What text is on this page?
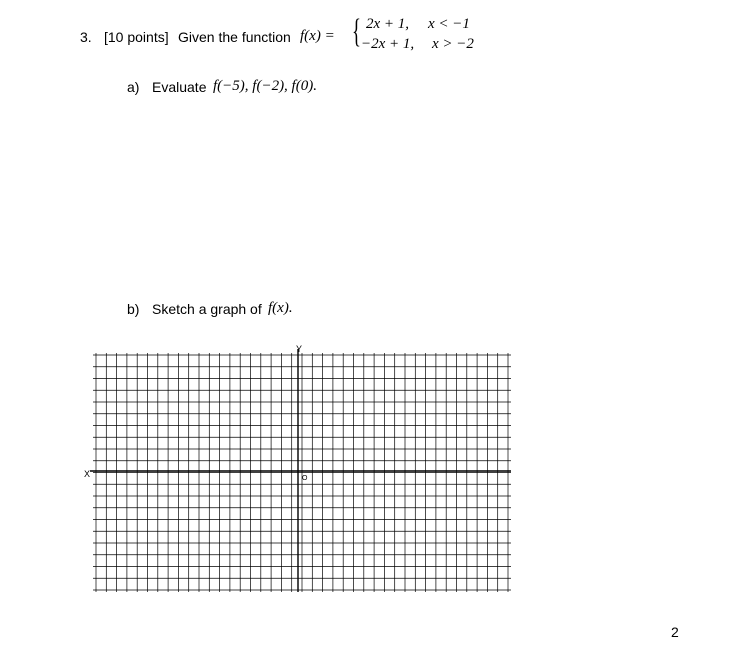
3. [10 points] Given the function f(x) = { 2x + 1, x < −1
−2x + 1, x > −2
a) Evaluate f(−5), f(−2), f(0).
b) Sketch a graph of f(x).
Y
X	O
2
